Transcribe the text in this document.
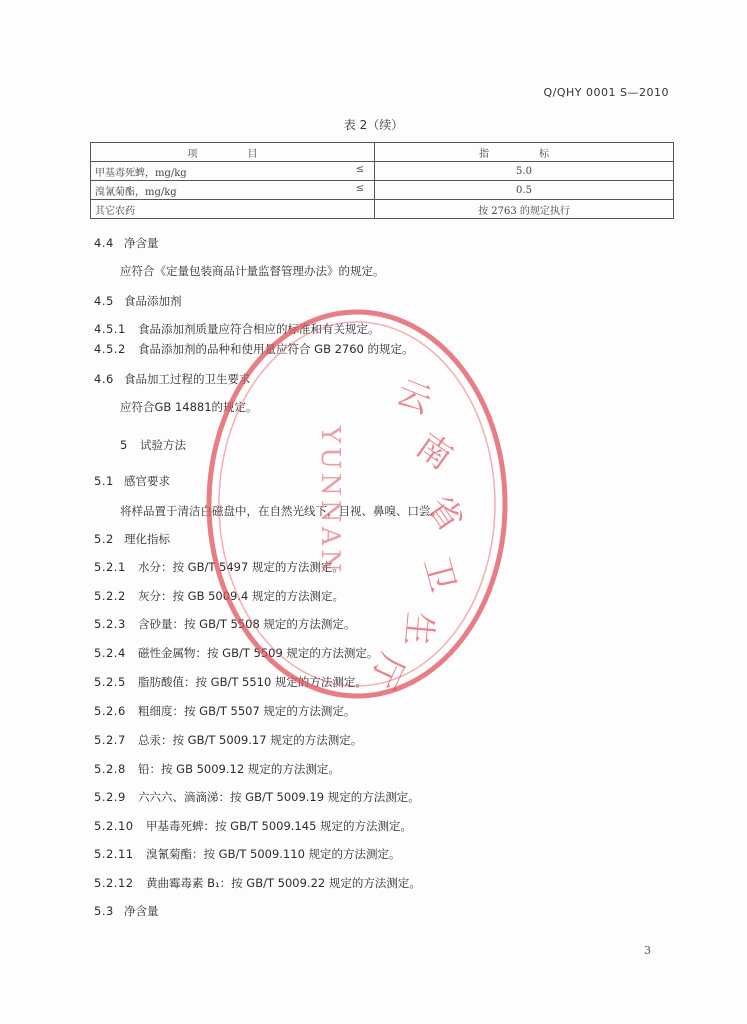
Q/QHY 0001 S—2010
表 2（续）
项　目	指　标
甲基毒死蜱，mg/kg ≤	5.0
溴氰菊酯，mg/kg ≤	0.5
其它农药	按 2763 的规定执行
4.4 净含量
应符合《定量包装商品计量监督管理办法》的规定。
4.5 食品添加剂
4.5.1 食品添加剂质量应符合相应的标准和有关规定。
4.5.2 食品添加剂的品种和使用量应符合 GB 2760 的规定。
4.6 食品加工过程的卫生要求
应符合GB 14881的规定。
5 试验方法
5.1 感官要求
将样品置于清洁白磁盘中，在自然光线下，目视、鼻嗅、口尝。
5.2 理化指标
5.2.1 水分：按 GB/T 5497 规定的方法测定。
5.2.2 灰分：按 GB 5009.4 规定的方法测定。
5.2.3 含砂量：按 GB/T 5508 规定的方法测定。
5.2.4 磁性金属物：按 GB/T 5509 规定的方法测定。
5.2.5 脂肪酸值：按 GB/T 5510 规定的方法测定。
5.2.6 粗细度：按 GB/T 5507 规定的方法测定。
5.2.7 总汞：按 GB/T 5009.17 规定的方法测定。
5.2.8 铅：按 GB 5009.12 规定的方法测定。
5.2.9 六六六、滴滴涕：按 GB/T 5009.19 规定的方法测定。
5.2.10 甲基毒死蜱：按 GB/T 5009.145 规定的方法测定。
5.2.11 溴氰菊酯：按 GB/T 5009.110 规定的方法测定。
5.2.12 黄曲霉毒素 B₁：按 GB/T 5009.22 规定的方法测定。
5.3 净含量
云
南
省
卫
生
厅
YUNNAN
3
